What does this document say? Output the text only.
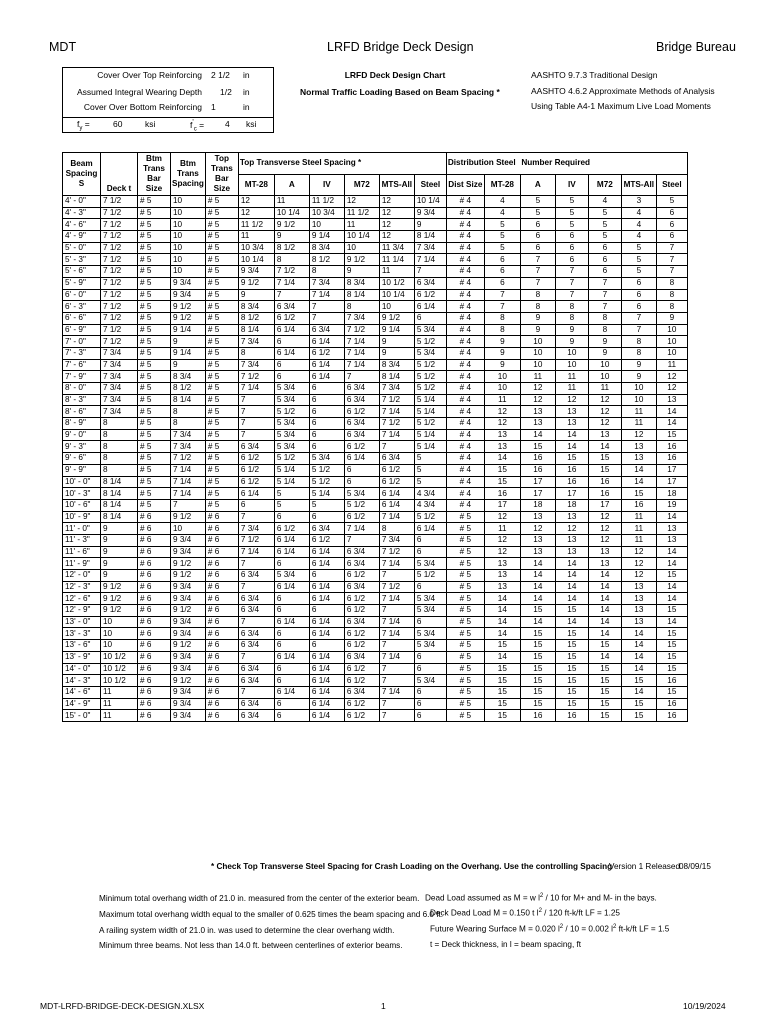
MDT	LRFD Bridge Deck Design	Bridge Bureau
Cover Over Top Reinforcing 2 1/2 in
Assumed Integral Wearing Depth 1/2 in
Cover Over Bottom Reinforcing 1	in
$f_y$ =	60	ksi	$f'_c = 4$ ksi
LRFD Deck Design Chart
Normal Traffic Loading Based on Beam Spacing *
AASHTO 9.7.3 Traditional Design
AASHTO 4.6.2 Approximate Methods of Analysis
Using Table A4-1 Maximum Live Load Moments
Beam Spacing S	Deck t	Btm Trans Bar Size	Btm Trans Spacing	Top Trans Bar Size	Top Transverse Steel Spacing *						Distribution Steel		Number Required				
					MT-28	A	IV	M72	MTS-All	Steel	Dist Size	MT-28	A	IV	M72	MTS-All	Steel
4' - 0"	7 1/2	# 5	10	# 5	12	11	11 1/2	12	12	10 1/4	# 4	4	5	5	4	3	5
4' - 3"	7 1/2	# 5	10	# 5	12	10 1/4	10 3/4	11 1/2	12	9 3/4	# 4	4	5	5	5	4	6
4' - 6"	7 1/2	# 5	10	# 5	11 1/2	9 1/2	10	11	12	9	# 4	5	6	5	5	4	6
4' - 9"	7 1/2	# 5	10	# 5	11	9	9 1/4	10 1/4	12	8 1/4	# 4	5	6	6	5	4	6
5' - 0"	7 1/2	# 5	10	# 5	10 3/4	8 1/2	8 3/4	10	11 3/4	7 3/4	# 4	5	6	6	6	5	7
5' - 3"	7 1/2	# 5	10	# 5	10 1/4	8	8 1/2	9 1/2	11 1/4	7 1/4	# 4	6	7	6	6	5	7
5' - 6"	7 1/2	# 5	10	# 5	9 3/4	7 1/2	8	9	11	7	# 4	6	7	7	6	5	7
5' - 9"	7 1/2	# 5	9 3/4	# 5	9 1/2	7 1/4	7 3/4	8 3/4	10 1/2	6 3/4	# 4	6	7	7	7	6	8
6' - 0"	7 1/2	# 5	9 3/4	# 5	9	7	7 1/4	8 1/4	10 1/4	6 1/2	# 4	7	8	7	7	6	8
6' - 3"	7 1/2	# 5	9 1/2	# 5	8 3/4	6 3/4	7	8	10	6 1/4	# 4	7	8	8	7	6	8
6' - 6"	7 1/2	# 5	9 1/2	# 5	8 1/2	6 1/2	7	7 3/4	9 1/2	6	# 4	8	9	8	8	7	9
6' - 9"	7 1/2	# 5	9 1/4	# 5	8 1/4	6 1/4	6 3/4	7 1/2	9 1/4	5 3/4	# 4	8	9	9	8	7	10
7' - 0"	7 1/2	# 5	9	# 5	7 3/4	6	6 1/4	7 1/4	9	5 1/2	# 4	9	10	9	9	8	10
7' - 3"	7 3/4	# 5	9 1/4	# 5	8	6 1/4	6 1/2	7 1/4	9	5 3/4	# 4	9	10	10	9	8	10
7' - 6"	7 3/4	# 5	9	# 5	7 3/4	6	6 1/4	7 1/4	8 3/4	5 1/2	# 4	9	10	10	10	9	11
7' - 9"	7 3/4	# 5	8 3/4	# 5	7 1/2	6	6 1/4	7	8 1/4	5 1/2	# 4	10	11	11	10	9	12
8' - 0"	7 3/4	# 5	8 1/2	# 5	7 1/4	5 3/4	6	6 3/4	7 3/4	5 1/2	# 4	10	12	11	11	10	12
8' - 3"	7 3/4	# 5	8 1/4	# 5	7	5 3/4	6	6 3/4	7 1/2	5 1/4	# 4	11	12	12	12	10	13
8' - 6"	7 3/4	# 5	8	# 5	7	5 1/2	6	6 1/2	7 1/4	5 1/4	# 4	12	13	13	12	11	14
8' - 9"	8	# 5	8	# 5	7	5 3/4	6	6 3/4	7 1/2	5 1/2	# 4	12	13	13	12	11	14
9' - 0"	8	# 5	7 3/4	# 5	7	5 3/4	6	6 3/4	7 1/4	5 1/4	# 4	13	14	14	13	12	15
9' - 3"	8	# 5	7 3/4	# 5	6 3/4	5 3/4	6	6 1/2	7	5 1/4	# 4	13	15	14	14	13	16
9' - 6"	8	# 5	7 1/2	# 5	6 1/2	5 1/2	5 3/4	6 1/4	6 3/4	5	# 4	14	16	15	15	13	16
9' - 9"	8	# 5	7 1/4	# 5	6 1/2	5 1/4	5 1/2	6	6 1/2	5	# 4	15	16	16	15	14	17
10' - 0"	8 1/4	# 5	7 1/4	# 5	6 1/2	5 1/4	5 1/2	6	6 1/2	5	# 4	15	17	16	16	14	17
10' - 3"	8 1/4	# 5	7 1/4	# 5	6 1/4	5	5 1/4	5 3/4	6 1/4	4 3/4	# 4	16	17	17	16	15	18
10' - 6"	8 1/4	# 5	7	# 5	6	5	5	5 1/2	6 1/4	4 3/4	# 4	17	18	18	17	16	19
10' - 9"	8 1/4	# 6	9 1/2	# 6	7	6	6	6 1/2	7 1/4	5 1/2	# 5	12	13	13	12	11	14
11' - 0"	9	# 6	10	# 6	7 3/4	6 1/2	6 3/4	7 1/4	8	6 1/4	# 5	11	12	12	12	11	13
11' - 3"	9	# 6	9 3/4	# 6	7 1/2	6 1/4	6 1/2	7	7 3/4	6	# 5	12	13	13	12	11	13
11' - 6"	9	# 6	9 3/4	# 6	7 1/4	6 1/4	6 1/4	6 3/4	7 1/2	6	# 5	12	13	13	13	12	14
11' - 9"	9	# 6	9 1/2	# 6	7	6	6 1/4	6 3/4	7 1/4	5 3/4	# 5	13	14	14	13	12	14
12' - 0"	9	# 6	9 1/2	# 6	6 3/4	5 3/4	6	6 1/2	7	5 1/2	# 5	13	14	14	14	12	15
12' - 3"	9 1/2	# 6	9 3/4	# 6	7	6 1/4	6 1/4	6 3/4	7 1/2	6	# 5	13	14	14	14	13	14
12' - 6"	9 1/2	# 6	9 3/4	# 6	6 3/4	6	6 1/4	6 1/2	7 1/4	5 3/4	# 5	14	14	14	14	13	14
12' - 9"	9 1/2	# 6	9 1/2	# 6	6 3/4	6	6	6 1/2	7	5 3/4	# 5	14	15	15	14	13	15
13' - 0"	10	# 6	9 3/4	# 6	7	6 1/4	6 1/4	6 3/4	7 1/4	6	# 5	14	14	14	14	13	14
13' - 3"	10	# 6	9 3/4	# 6	6 3/4	6	6 1/4	6 1/2	7 1/4	5 3/4	# 5	14	15	15	14	14	15
13' - 6"	10	# 6	9 1/2	# 6	6 3/4	6	6	6 1/2	7	5 3/4	# 5	15	15	15	15	14	15
13' - 9"	10 1/2	# 6	9 3/4	# 6	7	6 1/4	6 1/4	6 3/4	7 1/4	6	# 5	14	15	15	14	14	15
14' - 0"	10 1/2	# 6	9 3/4	# 6	6 3/4	6	6 1/4	6 1/2	7	6	# 5	15	15	15	15	14	15
14' - 3"	10 1/2	# 6	9 1/2	# 6	6 3/4	6	6 1/4	6 1/2	7	5 3/4	# 5	15	15	15	15	15	16
14' - 6"	11	# 6	9 3/4	# 6	7	6 1/4	6 1/4	6 3/4	7 1/4	6	# 5	15	15	15	15	14	15
14' - 9"	11	# 6	9 3/4	# 6	6 3/4	6	6 1/4	6 1/2	7	6	# 5	15	15	15	15	15	16
15' - 0"	11	# 6	9 3/4	# 6	6 3/4	6	6 1/4	6 1/2	7	6	# 5	15	16	16	15	15	16
* Check Top Transverse Steel Spacing for Crash Loading on the Overhang. Use the controlling Spacing
Version 1 Released
08/09/15
Minimum total overhang width of 21.0 in. measured from the center of the exterior beam.
Maximum total overhang width equal to the smaller of 0.625 times the beam spacing and 6.0 ft.
A railing system width of 21.0 in. was used to determine the clear overhang width.
Minimum three beams. Not less than 14.0 ft. between centerlines of exterior beams.
Dead Load assumed as M = w $l^2 / 10$ for M+ and M- in the bays.
Deck Dead Load M = 0.150 t $l^2 / 120$ ft-k/ft LF = 1.25
Future Wearing Surface M = 0.020 $l^2 / 10 = 0.002$ $l^2$ ft-k/ft LF = 1.5
t = Deck thickness, in l = beam spacing, ft
MDT-LRFD-BRIDGE-DECK-DESIGN.XLSX	1	10/19/2024
